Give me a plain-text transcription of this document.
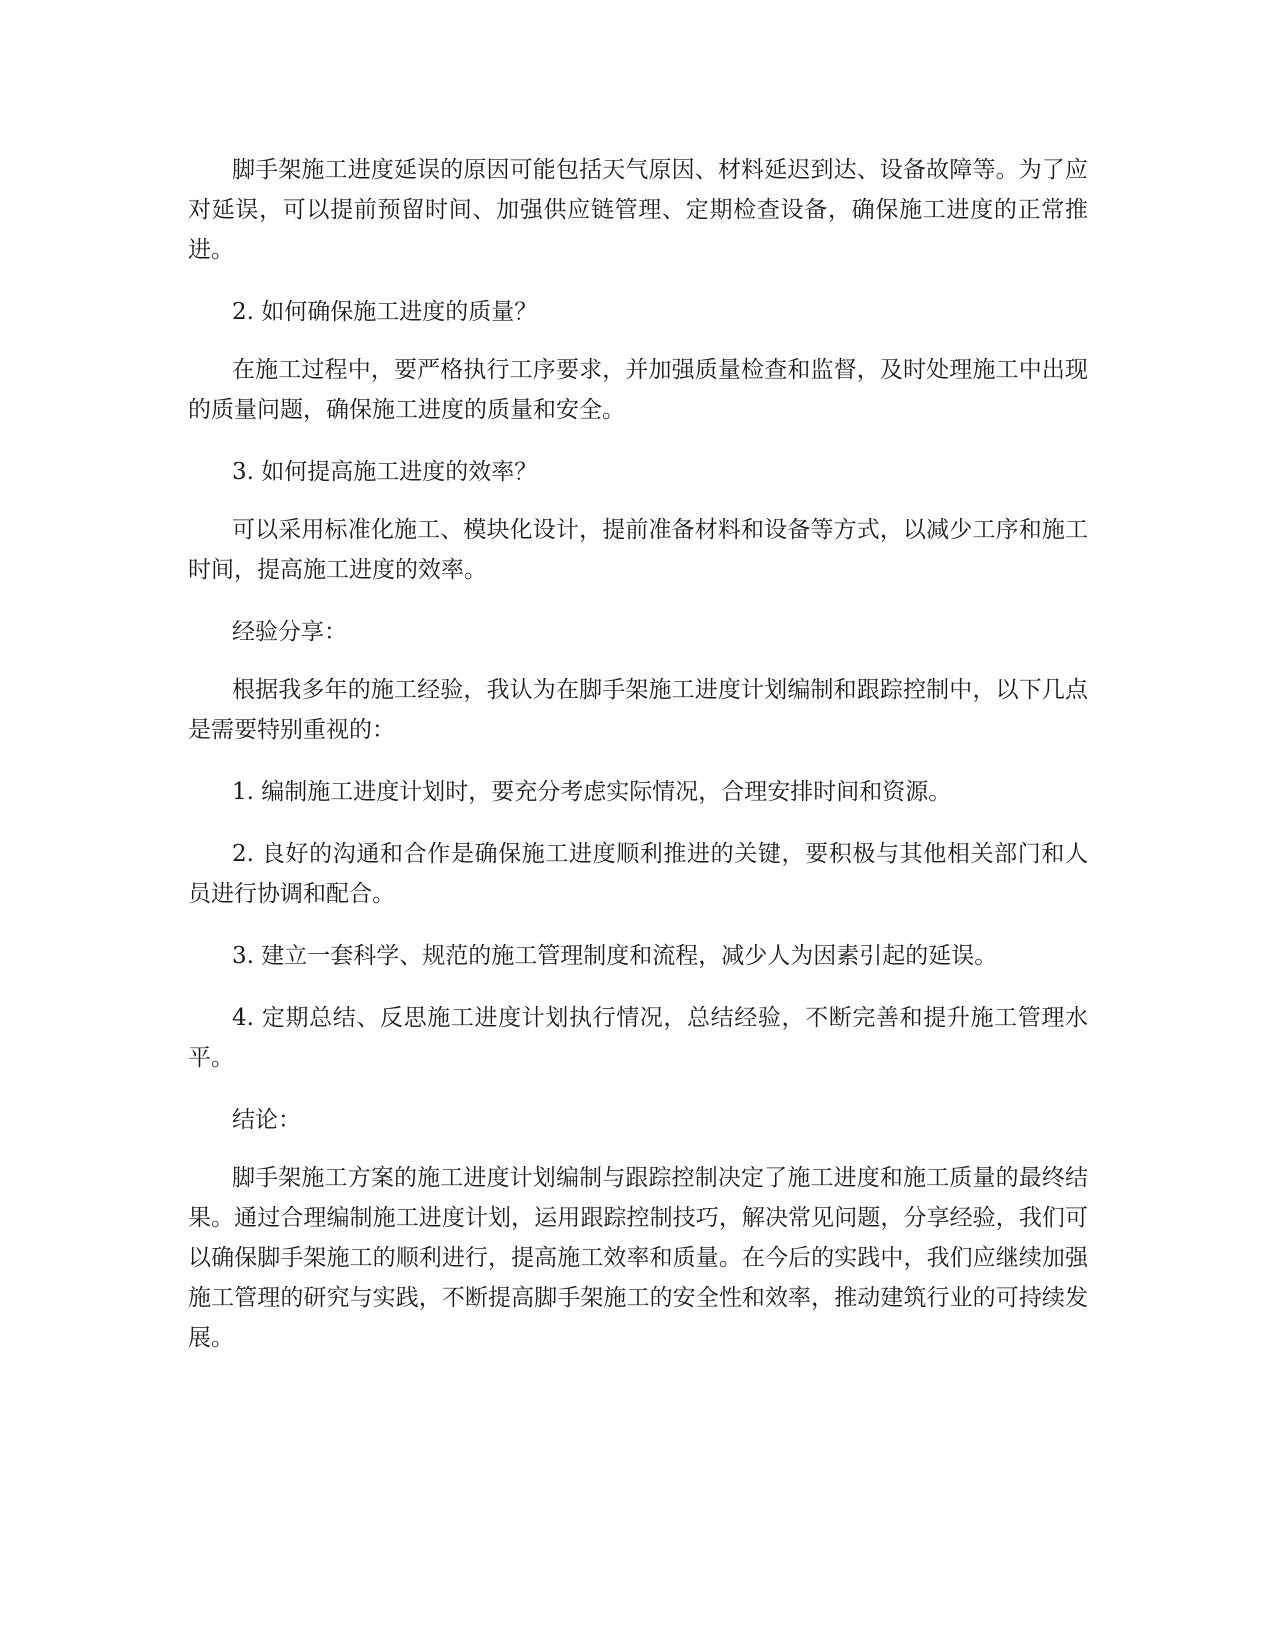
脚手架施工进度延误的原因可能包括天气原因、材料延迟到达、设备故障等。为了应对延误，可以提前预留时间、加强供应链管理、定期检查设备，确保施工进度的正常推进。

2. 如何确保施工进度的质量？

在施工过程中，要严格执行工序要求，并加强质量检查和监督，及时处理施工中出现的质量问题，确保施工进度的质量和安全。

3. 如何提高施工进度的效率？

可以采用标准化施工、模块化设计，提前准备材料和设备等方式，以减少工序和施工时间，提高施工进度的效率。

经验分享：

根据我多年的施工经验，我认为在脚手架施工进度计划编制和跟踪控制中，以下几点是需要特别重视的：

1. 编制施工进度计划时，要充分考虑实际情况，合理安排时间和资源。

2. 良好的沟通和合作是确保施工进度顺利推进的关键，要积极与其他相关部门和人员进行协调和配合。

3. 建立一套科学、规范的施工管理制度和流程，减少人为因素引起的延误。

4. 定期总结、反思施工进度计划执行情况，总结经验，不断完善和提升施工管理水平。

结论：

脚手架施工方案的施工进度计划编制与跟踪控制决定了施工进度和施工质量的最终结果。通过合理编制施工进度计划，运用跟踪控制技巧，解决常见问题，分享经验，我们可以确保脚手架施工的顺利进行，提高施工效率和质量。在今后的实践中，我们应继续加强施工管理的研究与实践，不断提高脚手架施工的安全性和效率，推动建筑行业的可持续发展。
